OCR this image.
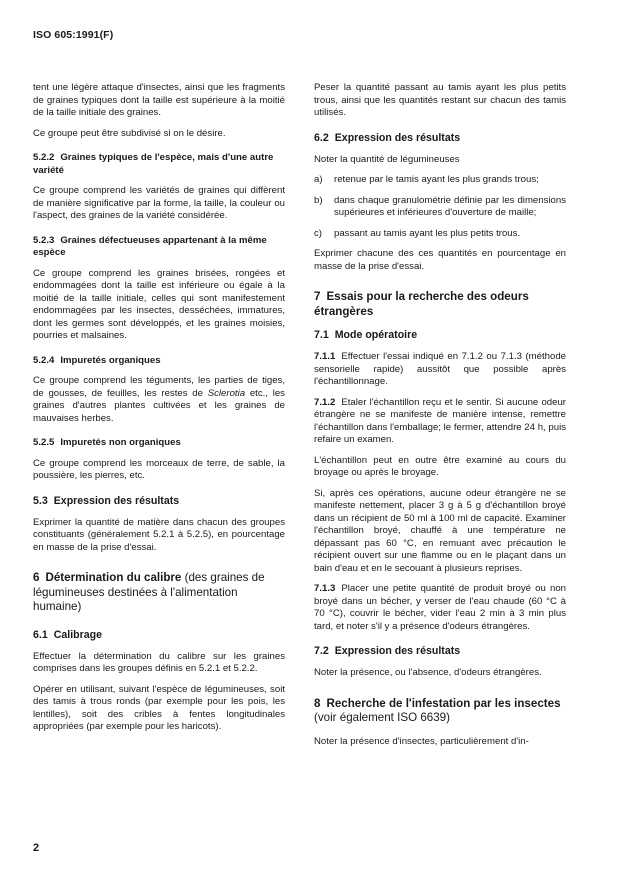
ISO 605:1991(F)

tent une légère attaque d'insectes, ainsi que les fragments de graines typiques dont la taille est supérieure à la moitié de la taille initiale des graines.

Ce groupe peut être subdivisé si on le désire.

5.2.2 Graines typiques de l'espèce, mais d'une autre variété

Ce groupe comprend les variétés de graines qui diffèrent de manière significative par la forme, la taille, la couleur ou l'aspect, des graines de la variété considérée.

5.2.3 Graines défectueuses appartenant à la même espèce

Ce groupe comprend les graines brisées, rongées et endommagées dont la taille est inférieure ou égale à la moitié de la taille initiale, celles qui sont manifestement endommagées par les insectes, desséchées, immatures, dont les germes sont développés, et les graines moisies, pourries et malsaines.

5.2.4 Impuretés organiques

Ce groupe comprend les téguments, les parties de tiges, de gousses, de feuilles, les restes de Sclerotia etc., les graines d'autres plantes cultivées et les graines de mauvaises herbes.

5.2.5 Impuretés non organiques

Ce groupe comprend les morceaux de terre, de sable, la poussière, les pierres, etc.

5.3 Expression des résultats

Exprimer la quantité de matière dans chacun des groupes constituants (généralement 5.2.1 à 5.2.5), en pourcentage en masse de la prise d'essai.

6 Détermination du calibre (des graines de légumineuses destinées à l'alimentation humaine)
6.1 Calibrage

Effectuer la détermination du calibre sur les graines comprises dans les groupes définis en 5.2.1 et 5.2.2.

Opérer en utilisant, suivant l'espèce de légumineuses, soit des tamis à trous ronds (par exemple pour les pois, les lentilles), soit des cribles à fentes longitudinales appropriées (par exemple pour les haricots).

Peser la quantité passant au tamis ayant les plus petits trous, ainsi que les quantités restant sur chacun des tamis utilisés.

6.2 Expression des résultats

Noter la quantité de légumineuses

a)	retenue par le tamis ayant les plus grands trous;
b)	dans chaque granulométrie définie par les dimensions supérieures et inférieures d'ouverture de maille;
c)	passant au tamis ayant les plus petits trous.

Exprimer chacune des ces quantités en pourcentage en masse de la prise d'essai.

7 Essais pour la recherche des odeurs étrangères
7.1 Mode opératoire

7.1.1 Effectuer l'essai indiqué en 7.1.2 ou 7.1.3 (méthode sensorielle rapide) aussitôt que possible après l'échantillonnage.

7.1.2 Etaler l'échantillon reçu et le sentir. Si aucune odeur étrangère ne se manifeste de manière intense, remettre l'échantillon dans l'emballage; le fermer, attendre 24 h, puis refaire un examen.

L'échantillon peut en outre être examiné au cours du broyage ou après le broyage.

Si, après ces opérations, aucune odeur étrangère ne se manifeste nettement, placer 3 g à 5 g d'échantillon broyé dans un récipient de 50 ml à 100 ml de capacité. Examiner l'échantillon broyé, chauffé à une température ne dépassant pas 60 °C, en remuant avec précaution le récipient ouvert sur une flamme ou en le plaçant dans un bain d'eau et en le secouant à plusieurs reprises.

7.1.3 Placer une petite quantité de produit broyé ou non broyé dans un bécher, y verser de l'eau chaude (60 °C à 70 °C), couvrir le bécher, vider l'eau 2 min à 3 min plus tard, et noter s'il y a présence d'odeurs étrangères.

7.2 Expression des résultats

Noter la présence, ou l'absence, d'odeurs étrangères.

8 Recherche de l'infestation par les insectes (voir également ISO 6639)

Noter la présence d'insectes, particulièrement d'in-

2
